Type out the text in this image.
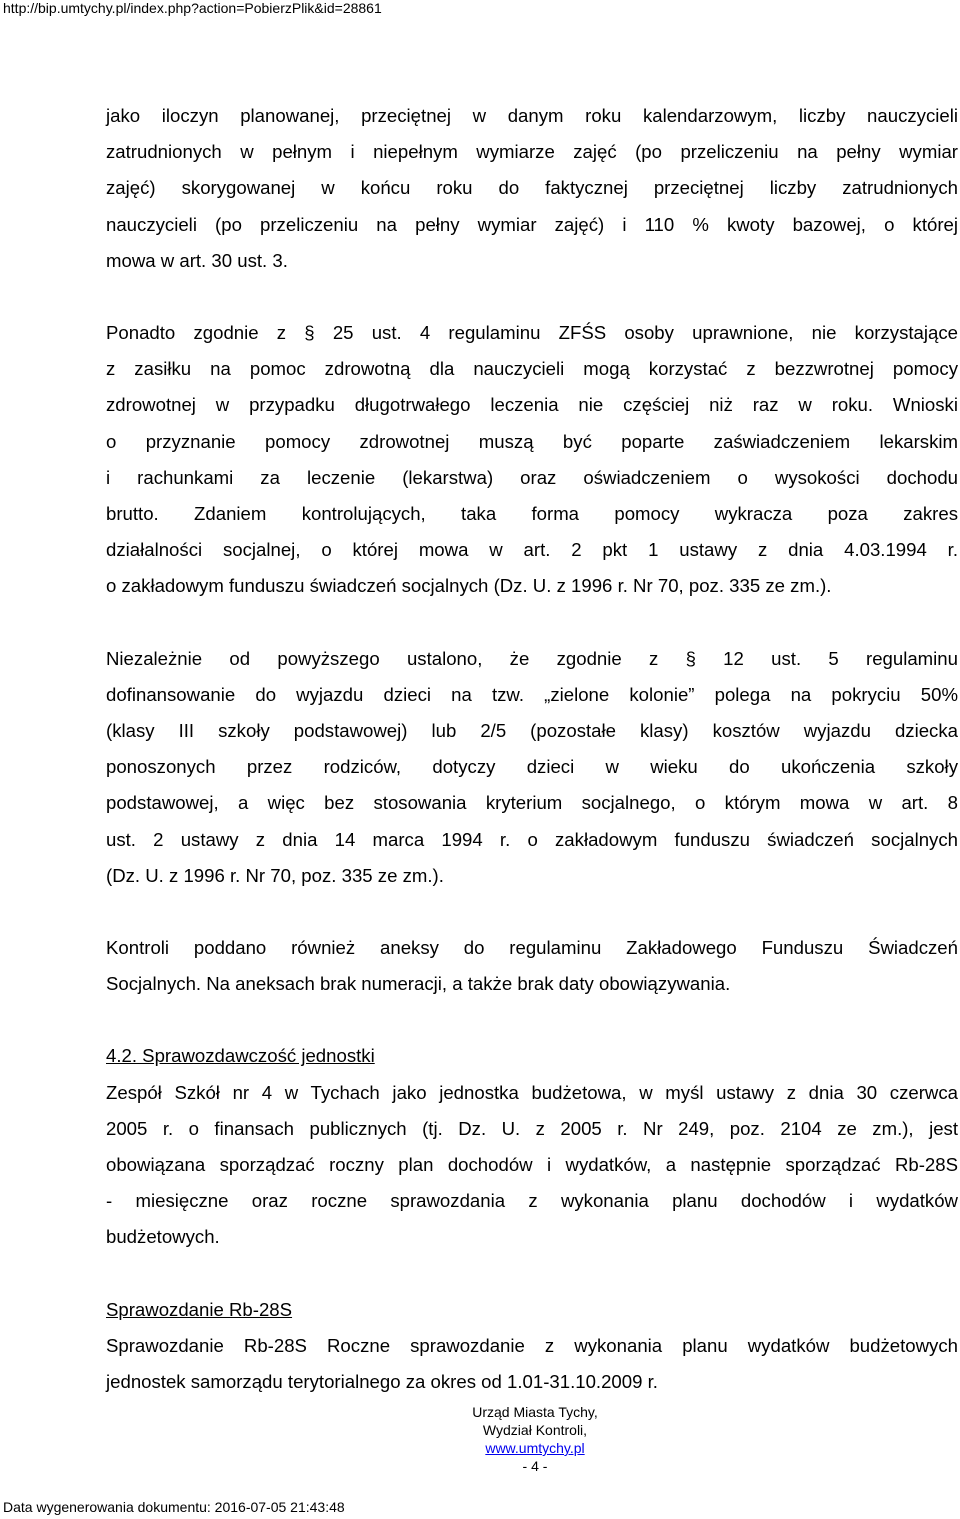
http://bip.umtychy.pl/index.php?action=PobierzPlik&id=28861
jako iloczyn planowanej, przeciętnej w danym roku kalendarzowym, liczby nauczycieli
zatrudnionych w pełnym i niepełnym wymiarze zajęć (po przeliczeniu na pełny wymiar
zajęć) skorygowanej w końcu roku do faktycznej przeciętnej liczby zatrudnionych
nauczycieli (po przeliczeniu na pełny wymiar zajęć) i 110 % kwoty bazowej, o której
mowa w art. 30 ust. 3.
Ponadto zgodnie z § 25 ust. 4 regulaminu ZFŚS osoby uprawnione, nie korzystające
z zasiłku na pomoc zdrowotną dla nauczycieli mogą korzystać z bezzwrotnej pomocy
zdrowotnej w przypadku długotrwałego leczenia nie częściej niż raz w roku. Wnioski
o przyznanie pomocy zdrowotnej muszą być poparte zaświadczeniem lekarskim
i rachunkami za leczenie (lekarstwa) oraz oświadczeniem o wysokości dochodu
brutto. Zdaniem kontrolujących, taka forma pomocy wykracza poza zakres
działalności socjalnej, o której mowa w art. 2 pkt 1 ustawy z dnia 4.03.1994 r.
o zakładowym funduszu świadczeń socjalnych (Dz. U. z 1996 r. Nr 70, poz. 335 ze zm.).
Niezależnie od powyższego ustalono, że zgodnie z § 12 ust. 5 regulaminu
dofinansowanie do wyjazdu dzieci na tzw. „zielone kolonie” polega na pokryciu 50%
(klasy III szkoły podstawowej) lub 2/5 (pozostałe klasy) kosztów wyjazdu dziecka
ponoszonych przez rodziców, dotyczy dzieci w wieku do ukończenia szkoły
podstawowej, a więc bez stosowania kryterium socjalnego, o którym mowa w art. 8
ust. 2 ustawy z dnia 14 marca 1994 r. o zakładowym funduszu świadczeń socjalnych
(Dz. U. z 1996 r. Nr 70, poz. 335 ze zm.).
Kontroli poddano również aneksy do regulaminu Zakładowego Funduszu Świadczeń
Socjalnych. Na aneksach brak numeracji, a także brak daty obowiązywania.
4.2. Sprawozdawczość jednostki
Zespół Szkół nr 4 w Tychach jako jednostka budżetowa, w myśl ustawy z dnia 30 czerwca
2005 r. o finansach publicznych (tj. Dz. U. z 2005 r. Nr 249, poz. 2104 ze zm.), jest
obowiązana sporządzać roczny plan dochodów i wydatków, a następnie sporządzać Rb-28S
- miesięczne oraz roczne sprawozdania z wykonania planu dochodów i wydatków
budżetowych.
Sprawozdanie Rb-28S
Sprawozdanie Rb-28S Roczne sprawozdanie z wykonania planu wydatków budżetowych
jednostek samorządu terytorialnego za okres od 1.01-31.10.2009 r.
Urząd Miasta Tychy,
Wydział Kontroli,
www.umtychy.pl
- 4 -
Data wygenerowania dokumentu: 2016-07-05 21:43:48
